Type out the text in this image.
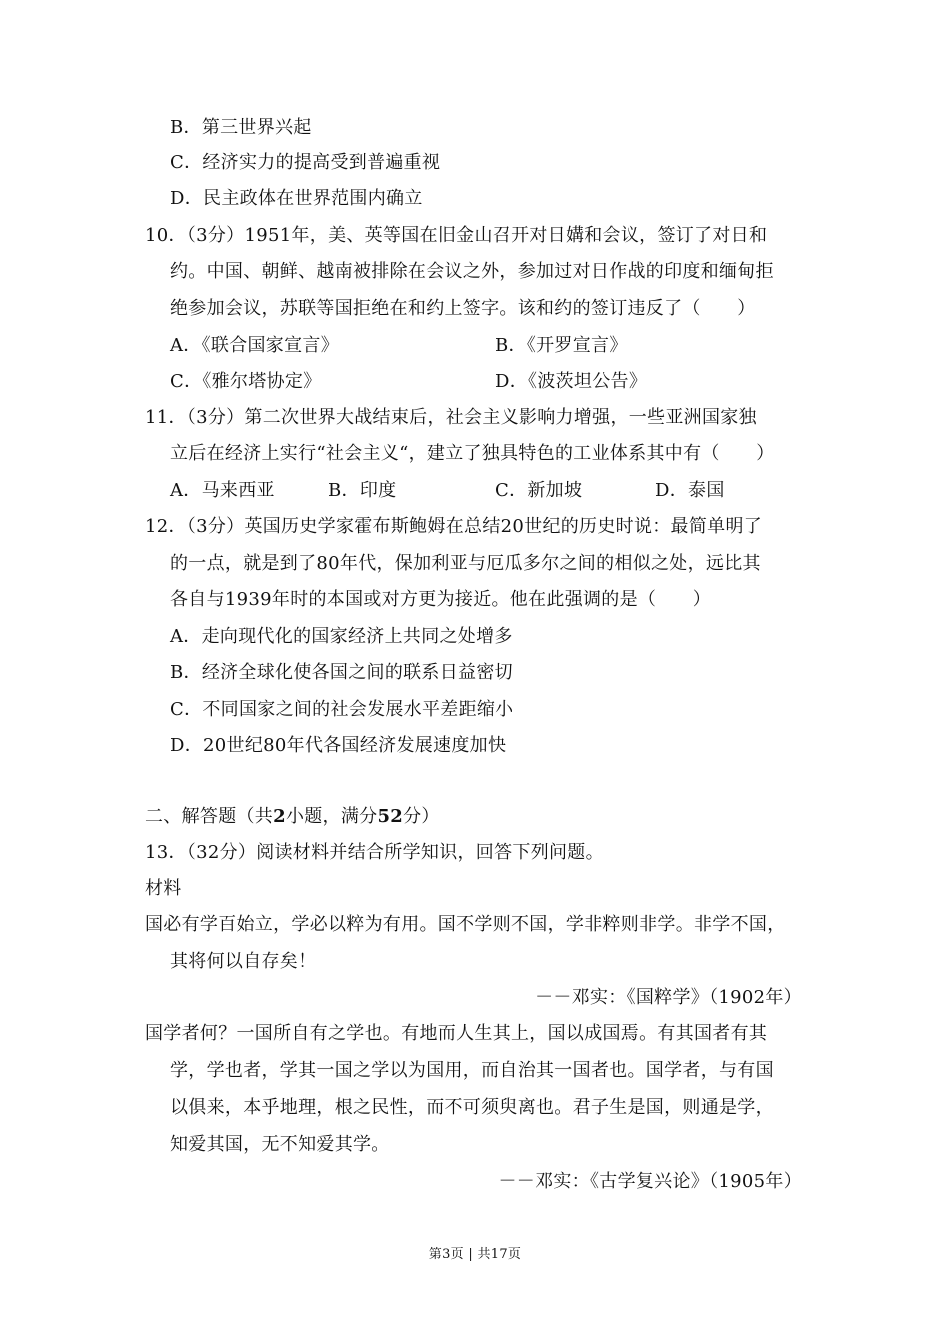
B．第三世界兴起
C．经济实力的提高受到普遍重视
D．民主政体在世界范围内确立
10．（3分）1951年，美、英等国在旧金山召开对日媾和会议，签订了对日和
约。中国、朝鲜、越南被排除在会议之外，参加过对日作战的印度和缅甸拒
绝参加会议，苏联等国拒绝在和约上签字。该和约的签订违反了（　　）
A．《联合国家宣言》	B．《开罗宣言》
C．《雅尔塔协定》	D．《波茨坦公告》
11．（3分）第二次世界大战结束后，社会主义影响力增强，一些亚洲国家独
立后在经济上实行“社会主义“，建立了独具特色的工业体系其中有（　　）
A．马来西亚	B．印度	C．新加坡	D．泰国
12．（3分）英国历史学家霍布斯鲍姆在总结20世纪的历史时说：最简单明了
的一点，就是到了80年代，保加利亚与厄瓜多尔之间的相似之处，远比其
各自与1939年时的本国或对方更为接近。他在此强调的是（　　）
A．走向现代化的国家经济上共同之处增多
B．经济全球化使各国之间的联系日益密切
C．不同国家之间的社会发展水平差距缩小
D．20世纪80年代各国经济发展速度加快
二、解答题（共2小题，满分52分）
13．（32分）阅读材料并结合所学知识，回答下列问题。
材料
国必有学百始立，学必以粹为有用。国不学则不国，学非粹则非学。非学不国，
其将何以自存矣！
－－邓实：《国粹学》（1902年）
国学者何？一国所自有之学也。有地而人生其上，国以成国焉。有其国者有其
学，学也者，学其一国之学以为国用，而自治其一国者也。国学者，与有国
以俱来，本乎地理，根之民性，而不可须臾离也。君子生是国，则通是学，
知爱其国，无不知爱其学。
－－邓实：《古学复兴论》（1905年）
第3页 | 共17页
